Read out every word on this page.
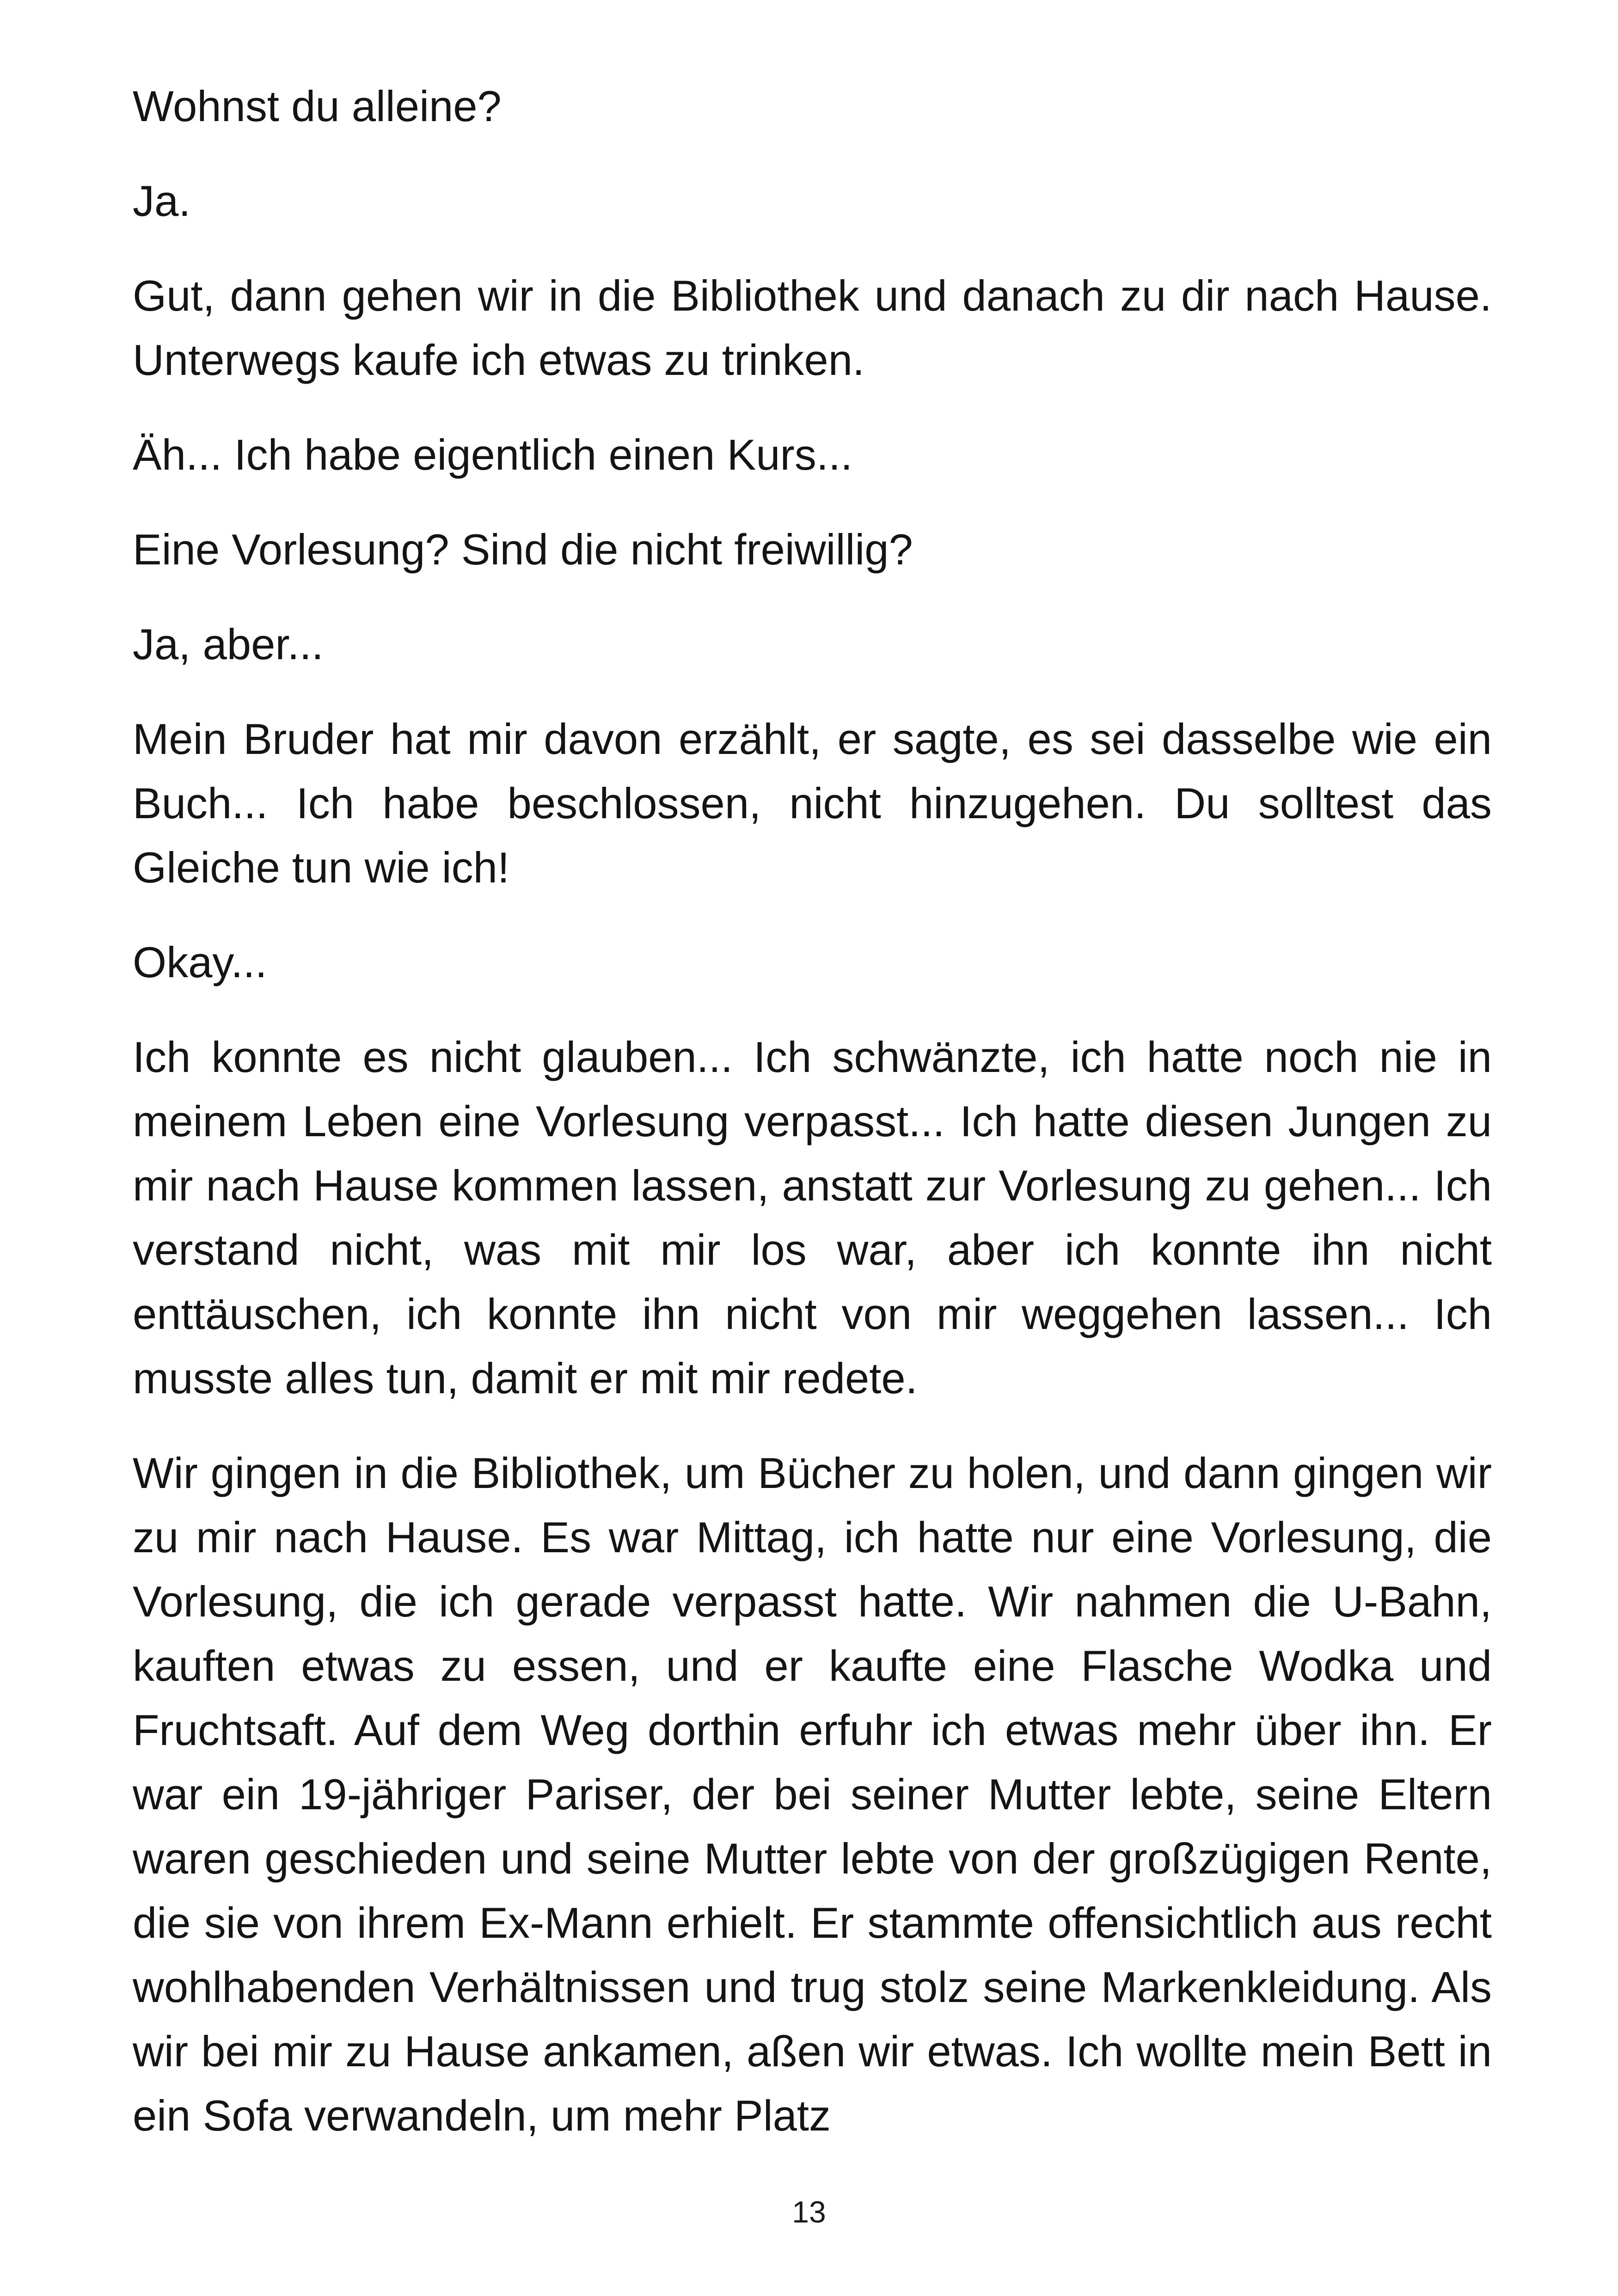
Wohnst du alleine?

Ja.

Gut, dann gehen wir in die Bibliothek und danach zu dir nach Hause. Unterwegs kaufe ich etwas zu trinken.

Äh... Ich habe eigentlich einen Kurs...

Eine Vorlesung? Sind die nicht freiwillig?

Ja, aber...

Mein Bruder hat mir davon erzählt, er sagte, es sei dasselbe wie ein Buch... Ich habe beschlossen, nicht hinzugehen. Du solltest das Gleiche tun wie ich!

Okay...

Ich konnte es nicht glauben... Ich schwänzte, ich hatte noch nie in meinem Leben eine Vorlesung verpasst... Ich hatte diesen Jungen zu mir nach Hause kommen lassen, anstatt zur Vorlesung zu gehen... Ich verstand nicht, was mit mir los war, aber ich konnte ihn nicht enttäuschen, ich konnte ihn nicht von mir weggehen lassen... Ich musste alles tun, damit er mit mir redete.

Wir gingen in die Bibliothek, um Bücher zu holen, und dann gingen wir zu mir nach Hause. Es war Mittag, ich hatte nur eine Vorlesung, die Vorlesung, die ich gerade verpasst hatte. Wir nahmen die U-Bahn, kauften etwas zu essen, und er kaufte eine Flasche Wodka und Fruchtsaft. Auf dem Weg dorthin erfuhr ich etwas mehr über ihn. Er war ein 19-jähriger Pariser, der bei seiner Mutter lebte, seine Eltern waren geschieden und seine Mutter lebte von der großzügigen Rente, die sie von ihrem Ex-Mann erhielt. Er stammte offensichtlich aus recht wohlhabenden Verhältnissen und trug stolz seine Markenkleidung. Als wir bei mir zu Hause ankamen, aßen wir etwas. Ich wollte mein Bett in ein Sofa verwandeln, um mehr Platz

13
